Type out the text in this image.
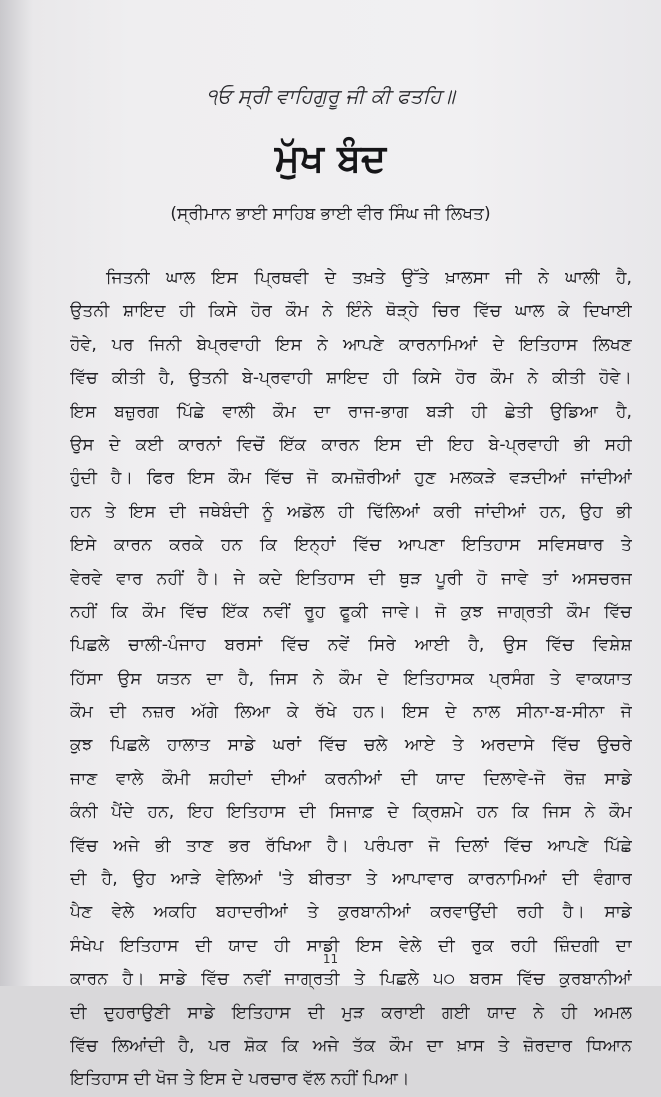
੧ਓ ਸ੍ਰੀ ਵਾਹਿਗੁਰੂ ਜੀ ਕੀ ਫਤਹਿ॥
ਮੁੱਖ ਬੰਦ
(ਸ੍ਰੀਮਾਨ ਭਾਈ ਸਾਹਿਬ ਭਾਈ ਵੀਰ ਸਿੰਘ ਜੀ ਲਿਖਤ)
ਜਿਤਨੀ ਘਾਲ ਇਸ ਪ੍ਰਿਥਵੀ ਦੇ ਤਖ਼ਤੇ ਉੱਤੇ ਖ਼ਾਲਸਾ ਜੀ ਨੇ ਘਾਲੀ ਹੈ,
ਉਤਨੀ ਸ਼ਾਇਦ ਹੀ ਕਿਸੇ ਹੋਰ ਕੌਮ ਨੇ ਇੰਨੇ ਥੋੜ੍ਹੇ ਚਿਰ ਵਿੱਚ ਘਾਲ ਕੇ ਦਿਖਾਈ
ਹੋਵੇ, ਪਰ ਜਿਨੀ ਬੇਪ੍ਰਵਾਹੀ ਇਸ ਨੇ ਆਪਣੇ ਕਾਰਨਾਮਿਆਂ ਦੇ ਇਤਿਹਾਸ ਲਿਖਣ
ਵਿੱਚ ਕੀਤੀ ਹੈ, ਉਤਨੀ ਬੇ-ਪ੍ਰਵਾਹੀ ਸ਼ਾਇਦ ਹੀ ਕਿਸੇ ਹੋਰ ਕੌਮ ਨੇ ਕੀਤੀ ਹੋਵੇ।
ਇਸ ਬਜ਼ੁਰਗ ਪਿੱਛੇ ਵਾਲੀ ਕੌਮ ਦਾ ਰਾਜ-ਭਾਗ ਬੜੀ ਹੀ ਛੇਤੀ ਉਡਿਆ ਹੈ,
ਉਸ ਦੇ ਕਈ ਕਾਰਨਾਂ ਵਿਚੋਂ ਇੱਕ ਕਾਰਨ ਇਸ ਦੀ ਇਹ ਬੇ-ਪ੍ਰਵਾਹੀ ਭੀ ਸਹੀ
ਹੁੰਦੀ ਹੈ। ਫਿਰ ਇਸ ਕੌਮ ਵਿੱਚ ਜੋ ਕਮਜ਼ੋਰੀਆਂ ਹੁਣ ਮਲਕੜੇ ਵੜਦੀਆਂ ਜਾਂਦੀਆਂ
ਹਨ ਤੇ ਇਸ ਦੀ ਜਥੇਬੰਦੀ ਨੂੰ ਅਡੋਲ ਹੀ ਢਿੱਲਿਆਂ ਕਰੀ ਜਾਂਦੀਆਂ ਹਨ, ਉਹ ਭੀ
ਇਸੇ ਕਾਰਨ ਕਰਕੇ ਹਨ ਕਿ ਇਨ੍ਹਾਂ ਵਿੱਚ ਆਪਣਾ ਇਤਿਹਾਸ ਸਵਿਸਥਾਰ ਤੇ
ਵੇਰਵੇ ਵਾਰ ਨਹੀਂ ਹੈ। ਜੇ ਕਦੇ ਇਤਿਹਾਸ ਦੀ ਥੁੜ ਪੂਰੀ ਹੋ ਜਾਵੇ ਤਾਂ ਅਸਚਰਜ
ਨਹੀਂ ਕਿ ਕੌਮ ਵਿੱਚ ਇੱਕ ਨਵੀਂ ਰੂਹ ਫੂਕੀ ਜਾਵੇ। ਜੋ ਕੁਝ ਜਾਗ੍ਰਤੀ ਕੌਮ ਵਿੱਚ
ਪਿਛਲੇ ਚਾਲੀ-ਪੰਜਾਹ ਬਰਸਾਂ ਵਿੱਚ ਨਵੇਂ ਸਿਰੇ ਆਈ ਹੈ, ਉਸ ਵਿੱਚ ਵਿਸ਼ੇਸ਼
ਹਿੱਸਾ ਉਸ ਯਤਨ ਦਾ ਹੈ, ਜਿਸ ਨੇ ਕੌਮ ਦੇ ਇਤਿਹਾਸਕ ਪ੍ਰਸੰਗ ਤੇ ਵਾਕਯਾਤ
ਕੌਮ ਦੀ ਨਜ਼ਰ ਅੱਗੇ ਲਿਆ ਕੇ ਰੱਖੇ ਹਨ। ਇਸ ਦੇ ਨਾਲ ਸੀਨਾ-ਬ-ਸੀਨਾ ਜੋ
ਕੁਝ ਪਿਛਲੇ ਹਾਲਾਤ ਸਾਡੇ ਘਰਾਂ ਵਿੱਚ ਚਲੇ ਆਏ ਤੇ ਅਰਦਾਸੇ ਵਿੱਚ ਉਚਰੇ
ਜਾਣ ਵਾਲੇ ਕੌਮੀ ਸ਼ਹੀਦਾਂ ਦੀਆਂ ਕਰਨੀਆਂ ਦੀ ਯਾਦ ਦਿਲਾਵੇ-ਜੋ ਰੋਜ਼ ਸਾਡੇ
ਕੰਨੀ ਪੈਂਦੇ ਹਨ, ਇਹ ਇਤਿਹਾਸ ਦੀ ਸਿਜਾਫ਼ ਦੇ ਕ੍ਰਿਸ਼ਮੇ ਹਨ ਕਿ ਜਿਸ ਨੇ ਕੌਮ
ਵਿੱਚ ਅਜੇ ਭੀ ਤਾਣ ਭਰ ਰੱਖਿਆ ਹੈ। ਪਰੰਪਰਾ ਜੋ ਦਿਲਾਂ ਵਿੱਚ ਆਪਣੇ ਪਿੱਛੇ
ਦੀ ਹੈ, ਉਹ ਆੜੇ ਵੇਲਿਆਂ 'ਤੇ ਬੀਰਤਾ ਤੇ ਆਪਾਵਾਰ ਕਾਰਨਾਮਿਆਂ ਦੀ ਵੰਗਾਰ
ਪੈਣ ਵੇਲੇ ਅਕਹਿ ਬਹਾਦਰੀਆਂ ਤੇ ਕੁਰਬਾਨੀਆਂ ਕਰਵਾਉਂਦੀ ਰਹੀ ਹੈ। ਸਾਡੇ
ਸੰਖੇਪ ਇਤਿਹਾਸ ਦੀ ਯਾਦ ਹੀ ਸਾਡੀ ਇਸ ਵੇਲੇ ਦੀ ਰੁਕ ਰਹੀ ਜ਼ਿੰਦਗੀ ਦਾ
ਕਾਰਨ ਹੈ। ਸਾਡੇ ਵਿੱਚ ਨਵੀਂ ਜਾਗ੍ਰਤੀ ਤੇ ਪਿਛਲੇ ੫੦ ਬਰਸ ਵਿੱਚ ਕੁਰਬਾਨੀਆਂ
ਦੀ ਦੁਹਰਾਉਣੀ ਸਾਡੇ ਇਤਿਹਾਸ ਦੀ ਮੁੜ ਕਰਾਈ ਗਈ ਯਾਦ ਨੇ ਹੀ ਅਮਲ
ਵਿੱਚ ਲਿਆਂਦੀ ਹੈ, ਪਰ ਸ਼ੋਕ ਕਿ ਅਜੇ ਤੱਕ ਕੌਮ ਦਾ ਖ਼ਾਸ ਤੇ ਜ਼ੋਰਦਾਰ ਧਿਆਨ
ਇਤਿਹਾਸ ਦੀ ਖੋਜ ਤੇ ਇਸ ਦੇ ਪਰਚਾਰ ਵੱਲ ਨਹੀਂ ਪਿਆ।
11
